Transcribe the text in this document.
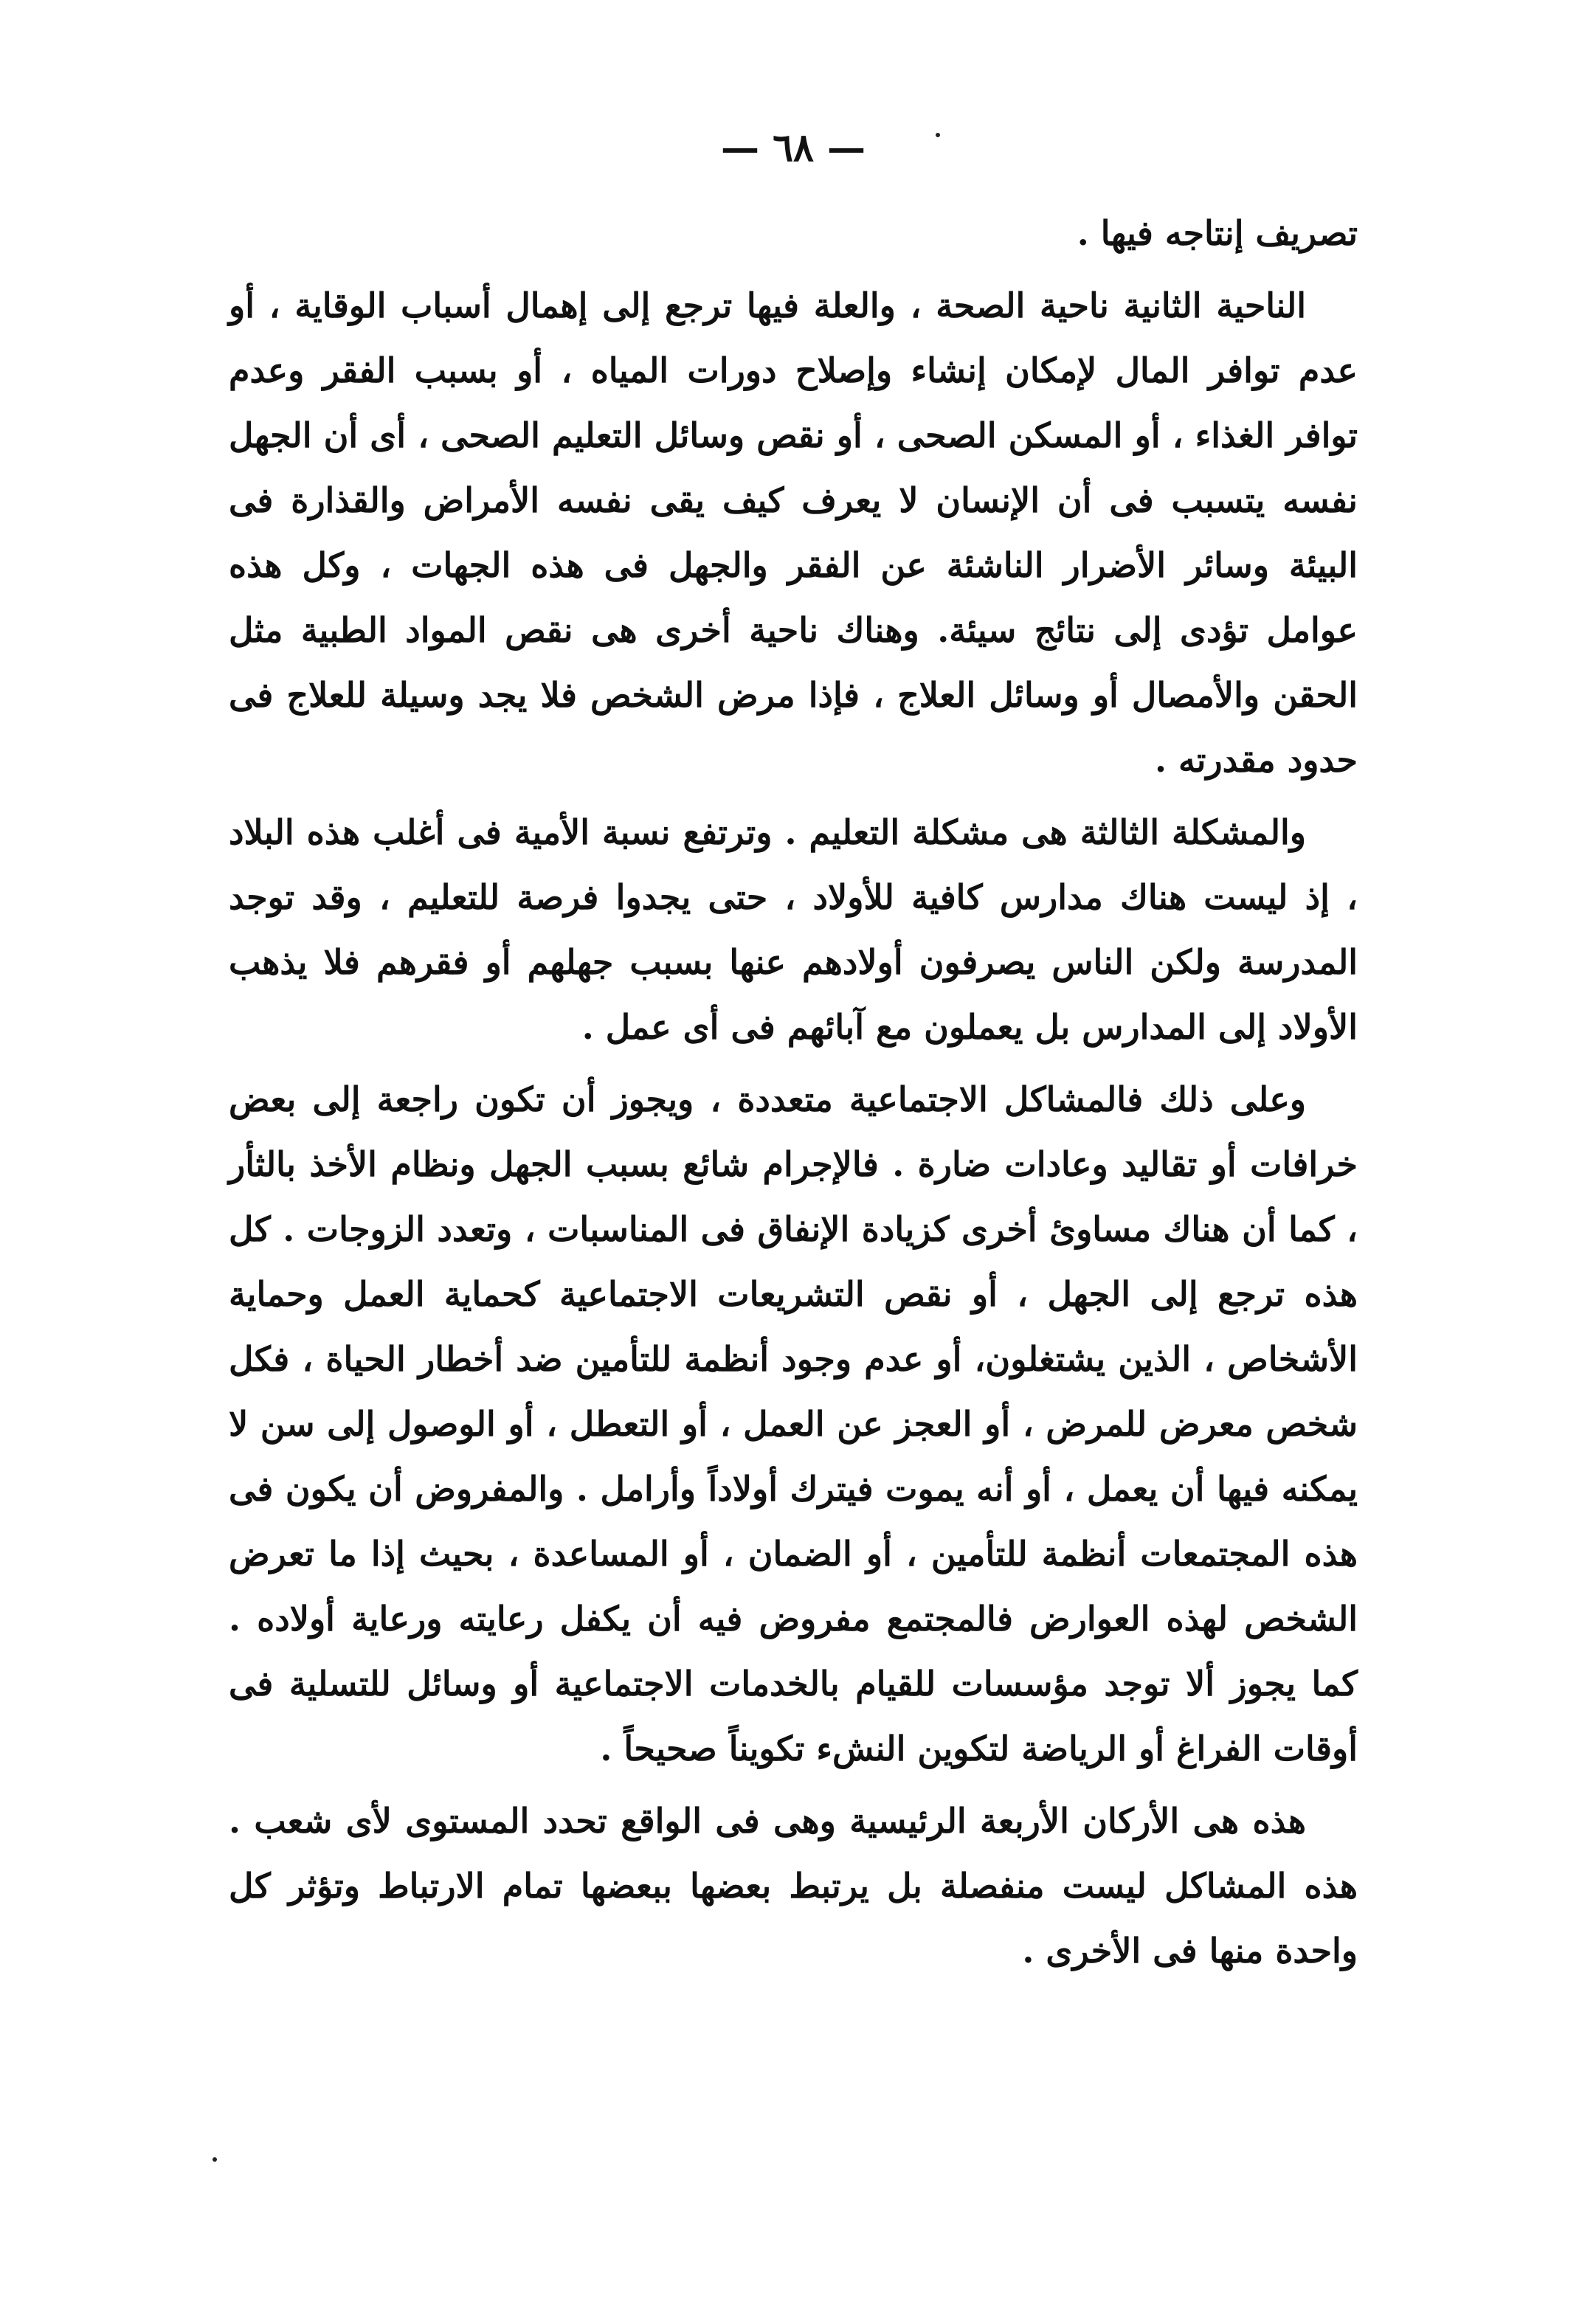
— ٦٨ —

تصريف إنتاجه فيها .

الناحية الثانية ناحية الصحة ، والعلة فيها ترجع إلى إهمال أسباب الوقاية ، أو عدم توافر المال لإمكان إنشاء وإصلاح دورات المياه ، أو بسبب الفقر وعدم توافر الغذاء ، أو المسكن الصحى ، أو نقص وسائل التعليم الصحى ، أى أن الجهل نفسه يتسبب فى أن الإنسان لا يعرف كيف يقى نفسه الأمراض والقذارة فى البيئة وسائر الأضرار الناشئة عن الفقر والجهل فى هذه الجهات ، وكل هذه عوامل تؤدى إلى نتائج سيئة. وهناك ناحية أخرى هى نقص المواد الطبية مثل الحقن والأمصال أو وسائل العلاج ، فإذا مرض الشخص فلا يجد وسيلة للعلاج فى حدود مقدرته .

والمشكلة الثالثة هى مشكلة التعليم . وترتفع نسبة الأمية فى أغلب هذه البلاد ، إذ ليست هناك مدارس كافية للأولاد ، حتى يجدوا فرصة للتعليم ، وقد توجد المدرسة ولكن الناس يصرفون أولادهم عنها بسبب جهلهم أو فقرهم فلا يذهب الأولاد إلى المدارس بل يعملون مع آبائهم فى أى عمل .

وعلى ذلك فالمشاكل الاجتماعية متعددة ، ويجوز أن تكون راجعة إلى بعض خرافات أو تقاليد وعادات ضارة . فالإجرام شائع بسبب الجهل ونظام الأخذ بالثأر ، كما أن هناك مساوئ أخرى كزيادة الإنفاق فى المناسبات ، وتعدد الزوجات . كل هذه ترجع إلى الجهل ، أو نقص التشريعات الاجتماعية كحماية العمل وحماية الأشخاص ، الذين يشتغلون، أو عدم وجود أنظمة للتأمين ضد أخطار الحياة ، فكل شخص معرض للمرض ، أو العجز عن العمل ، أو التعطل ، أو الوصول إلى سن لا يمكنه فيها أن يعمل ، أو أنه يموت فيترك أولاداً وأرامل . والمفروض أن يكون فى هذه المجتمعات أنظمة للتأمين ، أو الضمان ، أو المساعدة ، بحيث إذا ما تعرض الشخص لهذه العوارض فالمجتمع مفروض فيه أن يكفل رعايته ورعاية أولاده . كما يجوز ألا توجد مؤسسات للقيام بالخدمات الاجتماعية أو وسائل للتسلية فى أوقات الفراغ أو الرياضة لتكوين النشء تكويناً صحيحاً .

هذه هى الأركان الأربعة الرئيسية وهى فى الواقع تحدد المستوى لأى شعب . هذه المشاكل ليست منفصلة بل يرتبط بعضها ببعضها تمام الارتباط وتؤثر كل واحدة منها فى الأخرى .
